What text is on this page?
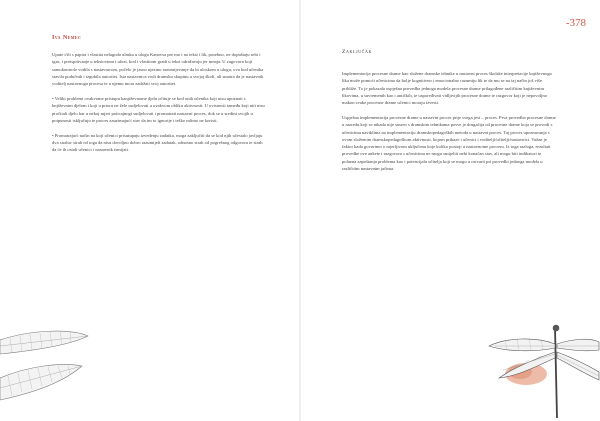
Iva Nemec

Upute i/ili s papira i vlastita nelagoda ulaska u ulogu Kanovsa pre mo i na tekst i lik, posebno, ne dopuštaju sebi i igru, i preispitivanje u tekstovima i ulozi, kod i vlastitom gradi u tekst odražavaju jer mnaja. U zagovoru koji samokontrole vodila s nastavnicom, počelo je jasno njezino razumijevanje da bi uloskom u ulogu, ova kod učenika stavila podučnih i izgubila autoritet. Ista nastavnica vodi dramsku skupinu u svojoj školi, ali smatra da je nastavnik voditelj nastavnoga procesa te u njemu mora zadržati svoj autoritet.

• Veliki problemi ovakvome pristupu kanjiževnome djelu očituje se kod onih učenika koji nisu upoznati s književnim djelom i koji u prioru ne žele sudjelovati u ovakvom obliku aktivnosti. U ovisnosti između koji niti nisu pročitali djelo bar u nekoj mjeri poticajnogi sudjelovati i promatrati nastavni proces, dok se u sredini svojih u potpunosti isključuju te proces zauzimajući stav da im to ignorije i teško mlimo ne koristi.

• Promatrajući način na koji učenici prisutupaju izvedenju zadatka, moga zaključiti da se kod njih učestalo javljaju dva straha: strah od toga da nisu dovoljno dobro razumijeli zadatak, odnosno strah od pogrešnog odgovora te strah da će ih ostali učenici i nastavnik ismijati.

-378
Zaključak

Implementacija procesne drame kao složene dramske tehnike u nastavni proces školske interpretacije književnoga lika može pomoći učenicima da bolje kognitivno i emocionalno razumiju lik te da mu se na taj način još više približe. To je pokazala uspješna provedba jednoga modela procesne drame prilagođene različitim književnim likovima, u suvremenih kao i antičkih, te uspoređivati vidljivijih procesne drame te razgovor koji je nepovoljno makon svake procesne drame učenici moraju izvesti.

Uspješna implementacija procesne drame u nastavni proces prije svega jest – proces. Prva provedba procesne drame u razredu koji se nikada nije susreo s dramskim tehnikama posve je drugačija od procesne drame kojа se provodi s učenicima naviklima na implementaciju dramskopedagoških metoda u nastavni proces. Taj proces upoznavanja s ovom složenom dramskopedagoškom aktivnosti, kojom prikaze i učenici i voditelji/učitelji/nastavnici. Važan je faktor kada govorimo o mjerljivom uključenu koje koliko postoji u nastavnome procesu. Iz toga razloga, rezultati provedbe ove ankete i razgovora s učenicima ne mogu smijeliti nebi konačan stav, ali mogu biti indikatori te polazna zapoštanja problema kao i potencijalu učitelja koji se mogu u ostvarti pri provedbi jednoga modela u različitim nastavnim jačima.
